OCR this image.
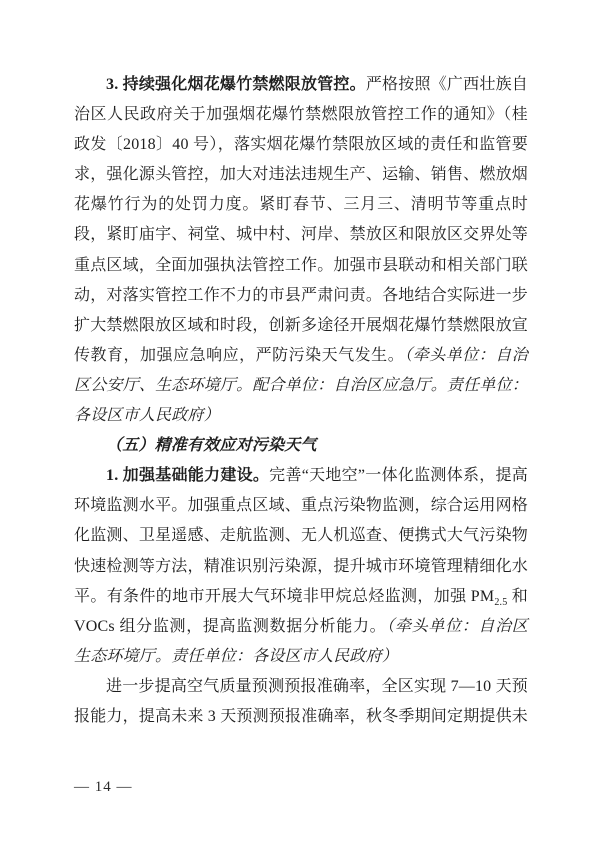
3. 持续强化烟花爆竹禁燃限放管控。严格按照《广西壮族自治区人民政府关于加强烟花爆竹禁燃限放管控工作的通知》（桂政发〔2018〕40 号），落实烟花爆竹禁限放区域的责任和监管要求，强化源头管控，加大对违法违规生产、运输、销售、燃放烟花爆竹行为的处罚力度。紧盯春节、三月三、清明节等重点时段，紧盯庙宇、祠堂、城中村、河岸、禁放区和限放区交界处等重点区域，全面加强执法管控工作。加强市县联动和相关部门联动，对落实管控工作不力的市县严肃问责。各地结合实际进一步扩大禁燃限放区域和时段，创新多途径开展烟花爆竹禁燃限放宣传教育，加强应急响应，严防污染天气发生。（牵头单位：自治区公安厅、生态环境厅。配合单位：自治区应急厅。责任单位：各设区市人民政府）

（五）精准有效应对污染天气

1. 加强基础能力建设。完善“天地空”一体化监测体系，提高环境监测水平。加强重点区域、重点污染物监测，综合运用网格化监测、卫星遥感、走航监测、无人机巡查、便携式大气污染物快速检测等方法，精准识别污染源，提升城市环境管理精细化水平。有条件的地市开展大气环境非甲烷总烃监测，加强 $PM_{2.5}$ 和 VOCs 组分监测，提高监测数据分析能力。（牵头单位：自治区生态环境厅。责任单位：各设区市人民政府）

进一步提高空气质量预测预报准确率，全区实现 7—10 天预报能力，提高未来 3 天预测预报准确率，秋冬季期间定期提供未

— 14 —
